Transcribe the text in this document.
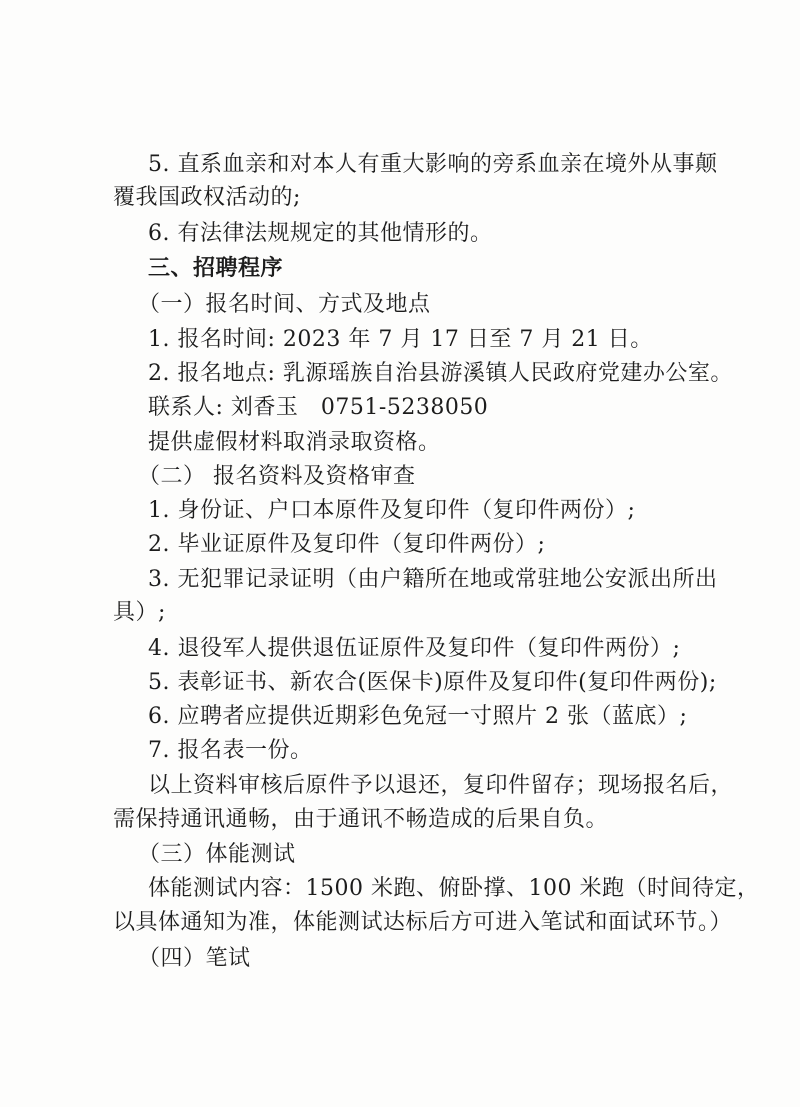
5. 直系血亲和对本人有重大影响的旁系血亲在境外从事颠
覆我国政权活动的;
6. 有法律法规规定的其他情形的。
三、招聘程序
（一）报名时间、方式及地点
1. 报名时间: 2023 年 7 月 17 日至 7 月 21 日。
2. 报名地点: 乳源瑶族自治县游溪镇人民政府党建办公室。
联系人: 刘香玉　0751-5238050
提供虚假材料取消录取资格。
（二） 报名资料及资格审查
1. 身份证、户口本原件及复印件（复印件两份）;
2. 毕业证原件及复印件（复印件两份）;
3. 无犯罪记录证明（由户籍所在地或常驻地公安派出所出
具）;
4. 退役军人提供退伍证原件及复印件（复印件两份）;
5. 表彰证书、新农合(医保卡)原件及复印件(复印件两份);
6. 应聘者应提供近期彩色免冠一寸照片 2 张（蓝底）;
7. 报名表一份。
以上资料审核后原件予以退还，复印件留存；现场报名后，
需保持通讯通畅，由于通讯不畅造成的后果自负。
（三）体能测试
体能测试内容：1500 米跑、俯卧撑、100 米跑（时间待定，
以具体通知为准，体能测试达标后方可进入笔试和面试环节。）
（四）笔试
